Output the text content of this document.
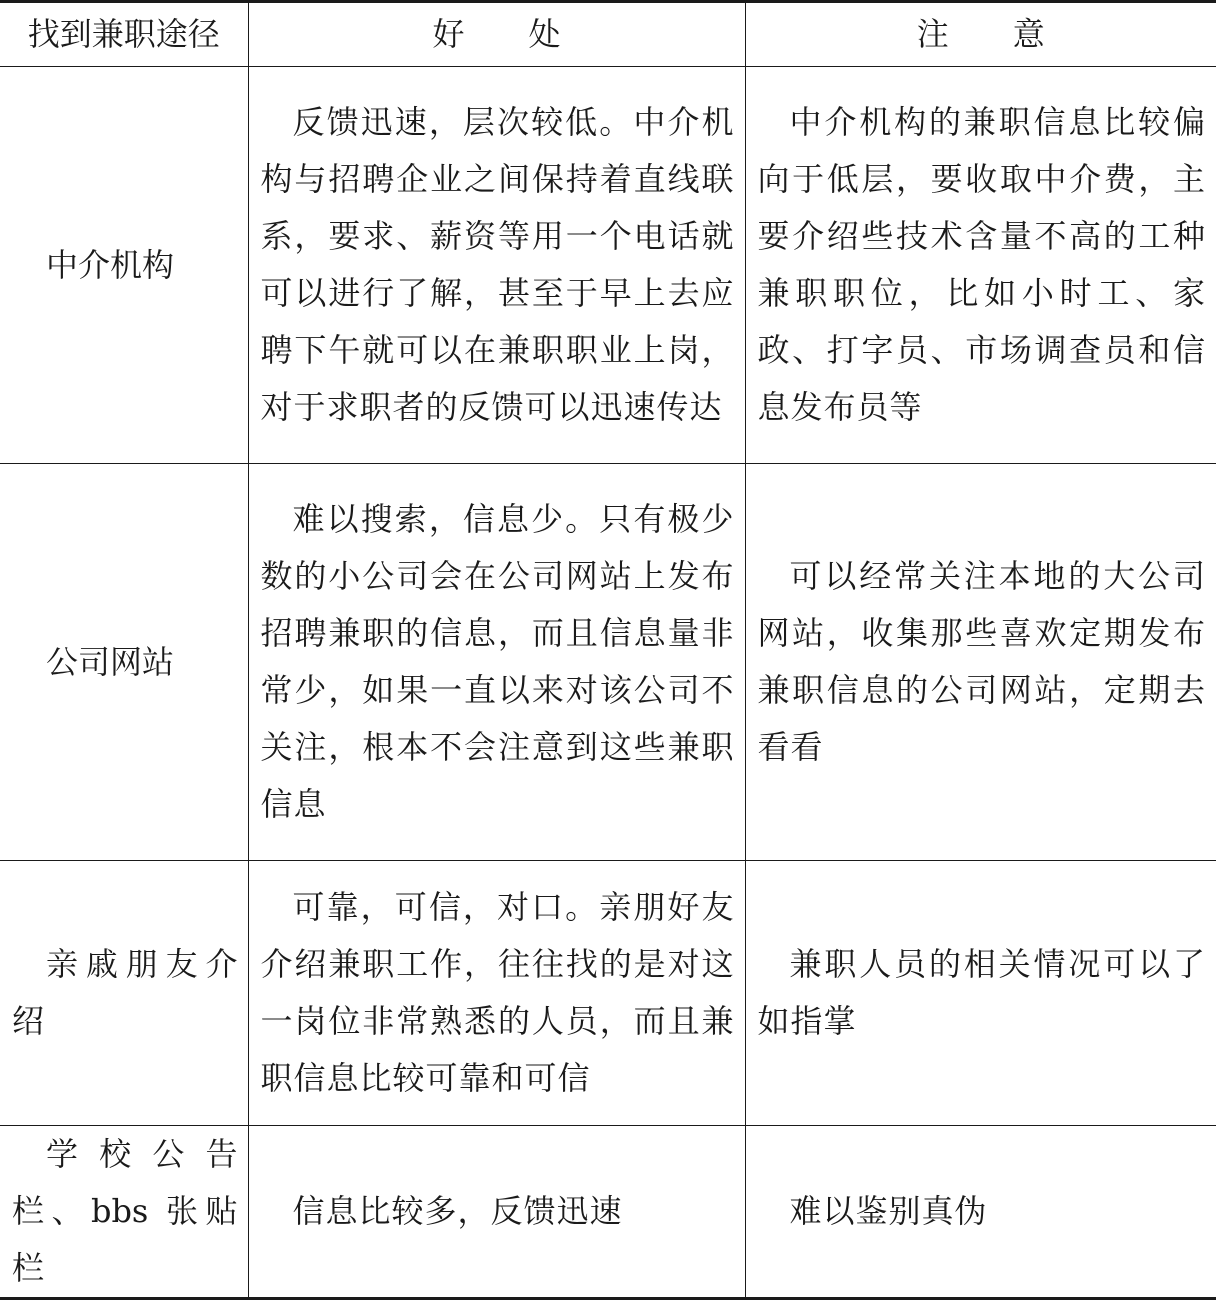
找到兼职途径	好　　处	注　　意
中介机构	反馈迅速，层次较低。中介机构与招聘企业之间保持着直线联系，要求、薪资等用一个电话就可以进行了解，甚至于早上去应聘下午就可以在兼职职业上岗，对于求职者的反馈可以迅速传达	中介机构的兼职信息比较偏向于低层，要收取中介费，主要介绍些技术含量不高的工种兼职职位，比如小时工、家政、打字员、市场调查员和信息发布员等
公司网站	难以搜索，信息少。只有极少数的小公司会在公司网站上发布招聘兼职的信息，而且信息量非常少，如果一直以来对该公司不关注，根本不会注意到这些兼职信息	可以经常关注本地的大公司网站，收集那些喜欢定期发布兼职信息的公司网站，定期去看看
亲戚朋友介绍	可靠，可信，对口。亲朋好友介绍兼职工作，往往找的是对这一岗位非常熟悉的人员，而且兼职信息比较可靠和可信	兼职人员的相关情况可以了如指掌
学校公告栏、bbs 张贴栏	信息比较多，反馈迅速	难以鉴别真伪
